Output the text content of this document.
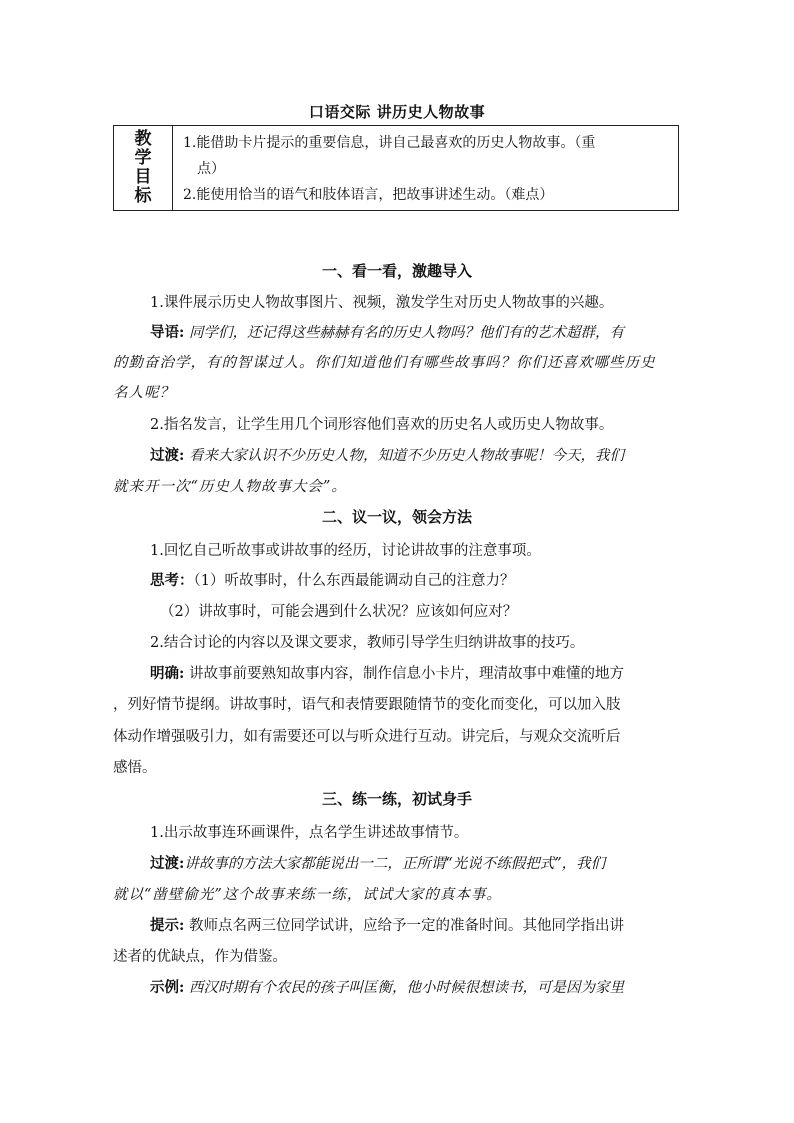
口语交际 讲历史人物故事
教学目标	
1.能借助卡片提示的重要信息，讲自己最喜欢的历史人物故事。（重
点）
2.能使用恰当的语气和肢体语言，把故事讲述生动。（难点）
一、看一看，激趣导入
1.课件展示历史人物故事图片、视频，激发学生对历史人物故事的兴趣。
导语: 同学们，还记得这些赫赫有名的历史人物吗？他们有的艺术超群，有
的勤奋治学，有的智谋过人。你们知道他们有哪些故事吗？你们还喜欢哪些历史
名人呢？
2.指名发言，让学生用几个词形容他们喜欢的历史名人或历史人物故事。
过渡: 看来大家认识不少历史人物，知道不少历史人物故事呢！今天，我们
就来开一次“历史人物故事大会”。
二、议一议，领会方法
1.回忆自己听故事或讲故事的经历，讨论讲故事的注意事项。
思考：（1）听故事时，什么东西最能调动自己的注意力？
（2）讲故事时，可能会遇到什么状况？应该如何应对？
2.结合讨论的内容以及课文要求，教师引导学生归纳讲故事的技巧。
明确: 讲故事前要熟知故事内容，制作信息小卡片，理清故事中难懂的地方
，列好情节提纲。讲故事时，语气和表情要跟随情节的变化而变化，可以加入肢
体动作增强吸引力，如有需要还可以与听众进行互动。讲完后，与观众交流听后
感悟。
三、练一练，初试身手
1.出示故事连环画课件，点名学生讲述故事情节。
过渡:讲故事的方法大家都能说出一二，正所谓“光说不练假把式”，我们
就以“凿壁偷光”这个故事来练一练，试试大家的真本事。
提示: 教师点名两三位同学试讲，应给予一定的准备时间。其他同学指出讲
述者的优缺点，作为借鉴。
示例: 西汉时期有个农民的孩子叫匡衡，他小时候很想读书，可是因为家里
